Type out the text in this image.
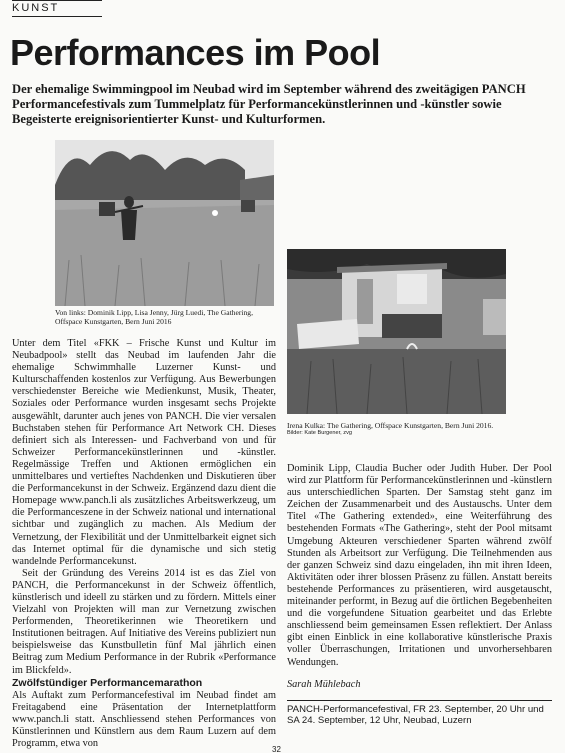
KUNST
Performances im Pool

Der ehemalige Swimmingpool im Neubad wird im September während des zweitägigen PANCH Performancefestivals zum Tummelplatz für Performancekünstlerinnen und -künstler sowie Begeisterte ereignisorientierter Kunst- und Kulturformen.

Von links: Dominik Lipp, Lisa Jenny, Jürg Luedi, The Gathering, Offspace Kunstgarten, Bern Juni 2016
Irena Kulka: The Gathering, Offspace Kunstgarten, Bern Juni 2016.
Bilder: Kate Burgener, zvg

Unter dem Titel «FKK – Frische Kunst und Kultur im Neubadpool» stellt das Neubad im laufenden Jahr die ehemalige Schwimmhalle Luzerner Kunst- und Kulturschaffenden kostenlos zur Verfügung. Aus Bewerbungen verschiedenster Bereiche wie Medienkunst, Musik, Theater, Soziales oder Performance wurden insgesamt sechs Projekte ausgewählt, darunter auch jenes von PANCH. Die vier versalen Buchstaben stehen für Performance Art Network CH. Dieses definiert sich als Interessen- und Fachverband von und für Schweizer Performancekünstlerinnen und -künstler. Regelmässige Treffen und Aktionen ermöglichen ein unmittelbares und vertieftes Nachdenken und Diskutieren über die Performancekunst in der Schweiz. Ergänzend dazu dient die Homepage www.panch.li als zusätzliches Arbeitswerkzeug, um die Performanceszene in der Schweiz national und international sichtbar und zugänglich zu machen. Als Medium der Vernetzung, der Flexibilität und der Unmittelbarkeit eignet sich das Internet optimal für die dynamische und sich stetig wandelnde Performancekunst.

Seit der Gründung des Vereins 2014 ist es das Ziel von PANCH, die Performancekunst in der Schweiz öffentlich, künstlerisch und ideell zu stärken und zu fördern. Mittels einer Vielzahl von Projekten will man zur Vernetzung zwischen Performenden, Theoretikerinnen wie Theoretikern und Institutionen beitragen. Auf Initiative des Vereins publiziert nun beispielsweise das Kunstbulletin fünf Mal jährlich einen Beitrag zum Medium Performance in der Rubrik «Performance im Blickfeld».

Zwölfstündiger Performancemarathon

Als Auftakt zum Performancefestival im Neubad findet am Freitagabend eine Präsentation der Internetplattform www.panch.li statt. Anschliessend stehen Performances von Künstlerinnen und Künstlern aus dem Raum Luzern auf dem Programm, etwa von

Dominik Lipp, Claudia Bucher oder Judith Huber. Der Pool wird zur Plattform für Performancekünstlerinnen und -künstlern aus unterschiedlichen Sparten. Der Samstag steht ganz im Zeichen der Zusammenarbeit und des Austauschs. Unter dem Titel «The Gathering extended», eine Weiterführung des bestehenden Formats «The Gathering», steht der Pool mitsamt Umgebung Akteuren verschiedener Sparten während zwölf Stunden als Arbeitsort zur Verfügung. Die Teilnehmenden aus der ganzen Schweiz sind dazu eingeladen, ihn mit ihren Ideen, Aktivitäten oder ihrer blossen Präsenz zu füllen. Anstatt bereits bestehende Performances zu präsentieren, wird ausgetauscht, miteinander performt, in Bezug auf die örtlichen Begebenheiten und die vorgefundene Situation gearbeitet und das Erlebte anschliessend beim gemeinsamen Essen reflektiert. Der Anlass gibt einen Einblick in eine kollaborative künstlerische Praxis voller Überraschungen, Irritationen und unvorhersehbaren Wendungen.

Sarah Mühlebach
PANCH-Performancefestival, FR 23. September, 20 Uhr und SA 24. September, 12 Uhr, Neubad, Luzern
32
